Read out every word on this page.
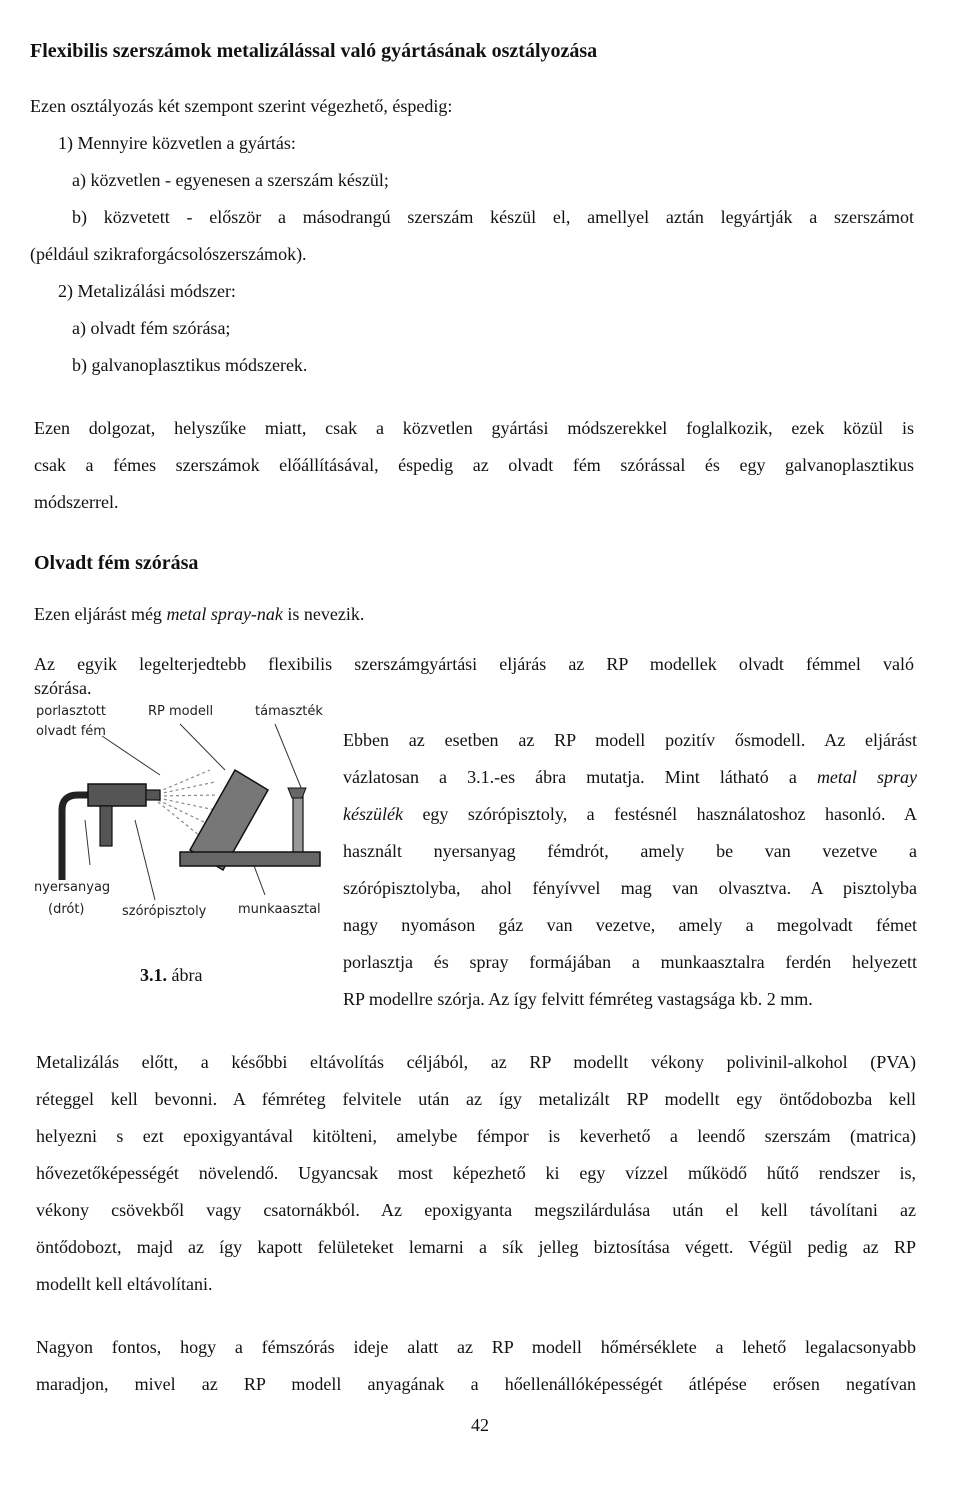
Flexibilis szerszámok metalizálással való gyártásának osztályozása
Ezen osztályozás két szempont szerint végezhető, éspedig:
1) Mennyire közvetlen a gyártás:
a) közvetlen - egyenesen a szerszám készül;
b) közvetett - először a másodrangú szerszám készül el, amellyel aztán legyártják a szerszámot
(például szikraforgácsolószerszámok).
2) Metalizálási módszer:
a) olvadt fém szórása;
b) galvanoplasztikus módszerek.
Ezen dolgozat, helyszűke miatt, csak a közvetlen gyártási módszerekkel foglalkozik, ezek közül is
csak a fémes szerszámok előállításával, éspedig az olvadt fém szórással és egy galvanoplasztikus
módszerrel.
Olvadt fém szórása
Ezen eljárást még metal spray-nak is nevezik.
Az egyik legelterjedtebb flexibilis szerszámgyártási eljárás az RP modellek olvadt fémmel való
szórása.
porlasztott
olvadt fém
RP modell	támaszték
nyersanyag
(drót)	szórópisztoly munkaasztal
3.1. ábra
Ebben az esetben az RP modell pozitív ősmodell. Az eljárást
vázlatosan a 3.1.-es ábra mutatja. Mint látható a metal spray
készülék egy szórópisztoly, a festésnél használatoshoz hasonló. A
használt nyersanyag fémdrót, amely be van vezetve a
szórópisztolyba, ahol fényívvel mag van olvasztva. A pisztolyba
nagy nyomáson gáz van vezetve, amely a megolvadt fémet
porlasztja és spray formájában a munkaasztalra ferdén helyezett
RP modellre szórja. Az így felvitt fémréteg vastagsága kb. 2 mm.
Metalizálás előtt, a későbbi eltávolítás céljából, az RP modellt vékony polivinil-alkohol (PVA)
réteggel kell bevonni. A fémréteg felvitele után az így metalizált RP modellt egy öntődobozba kell
helyezni s ezt epoxigyantával kitölteni, amelybe fémpor is keverhető a leendő szerszám (matrica)
hővezetőképességét növelendő. Ugyancsak most képezhető ki egy vízzel működő hűtő rendszer is,
vékony csövekből vagy csatornákból. Az epoxigyanta megszilárdulása után el kell távolítani az
öntődobozt, majd az így kapott felületeket lemarni a sík jelleg biztosítása végett. Végül pedig az RP
modellt kell eltávolítani.
Nagyon fontos, hogy a fémszórás ideje alatt az RP modell hőmérséklete a lehető legalacsonyabb
maradjon, mivel az RP modell anyagának a hőellenállóképességét átlépése erősen negatívan
42
